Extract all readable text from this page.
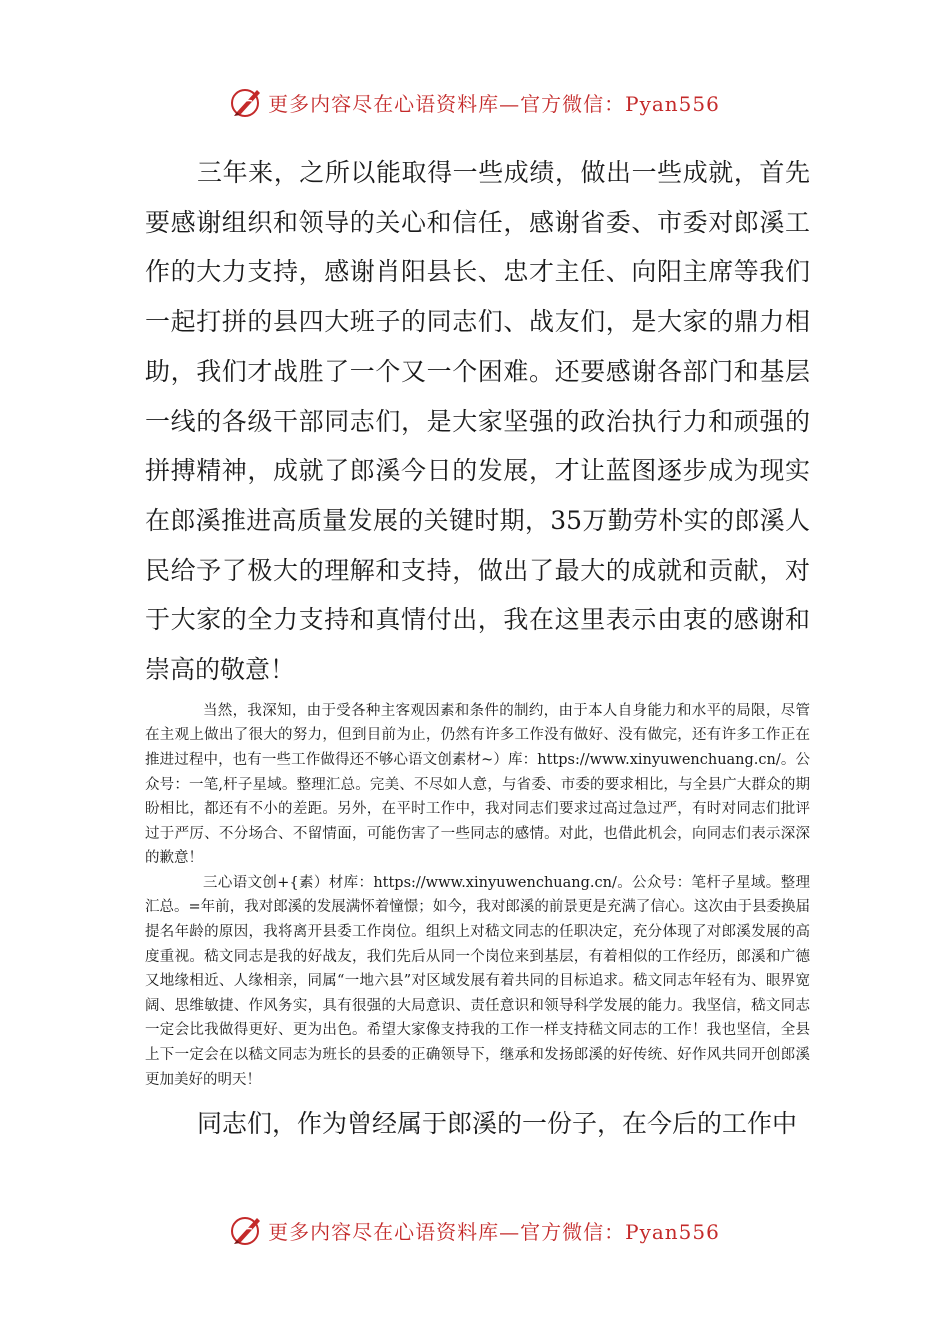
更多内容尽在心语资料库—官方微信：Pyan556

三年来，之所以能取得一些成绩，做出一些成就，首先要感谢组织和领导的关心和信任，感谢省委、市委对郎溪工作的大力支持，感谢肖阳县长、忠才主任、向阳主席等我们一起打拼的县四大班子的同志们、战友们，是大家的鼎力相助，我们才战胜了一个又一个困难。还要感谢各部门和基层一线的各级干部同志们，是大家坚强的政治执行力和顽强的拼搏精神，成就了郎溪今日的发展，才让蓝图逐步成为现实在郎溪推进高质量发展的关键时期，35万勤劳朴实的郎溪人民给予了极大的理解和支持，做出了最大的成就和贡献，对于大家的全力支持和真情付出，我在这里表示由衷的感谢和崇高的敬意！

当然，我深知，由于受各种主客观因素和条件的制约，由于本人自身能力和水平的局限，尽管在主观上做出了很大的努力，但到目前为止，仍然有许多工作没有做好、没有做完，还有许多工作正在推进过程中，也有一些工作做得还不够心语文创素材~）库：https://www.xinyuwenchuang.cn/。公众号：一笔,杆子星域。整理汇总。完美、不尽如人意，与省委、市委的要求相比，与全县广大群众的期盼相比，都还有不小的差距。另外，在平时工作中，我对同志们要求过高过急过严，有时对同志们批评过于严厉、不分场合、不留情面，可能伤害了一些同志的感情。对此，也借此机会，向同志们表示深深的歉意！

三心语文创+{素）材库：https://www.xinyuwenchuang.cn/。公众号：笔杆子星域。整理汇总。=年前，我对郎溪的发展满怀着憧憬；如今，我对郎溪的前景更是充满了信心。这次由于县委换届提名年龄的原因，我将离开县委工作岗位。组织上对嵇文同志的任职决定，充分体现了对郎溪发展的高度重视。嵇文同志是我的好战友，我们先后从同一个岗位来到基层，有着相似的工作经历，郎溪和广德又地缘相近、人缘相亲，同属“一地六县”对区域发展有着共同的目标追求。嵇文同志年轻有为、眼界宽阔、思维敏捷、作风务实，具有很强的大局意识、责任意识和领导科学发展的能力。我坚信，嵇文同志一定会比我做得更好、更为出色。希望大家像支持我的工作一样支持嵇文同志的工作！我也坚信，全县上下一定会在以嵇文同志为班长的县委的正确领导下，继承和发扬郎溪的好传统、好作风共同开创郎溪更加美好的明天！

同志们，作为曾经属于郎溪的一份子，在今后的工作中

更多内容尽在心语资料库—官方微信：Pyan556
